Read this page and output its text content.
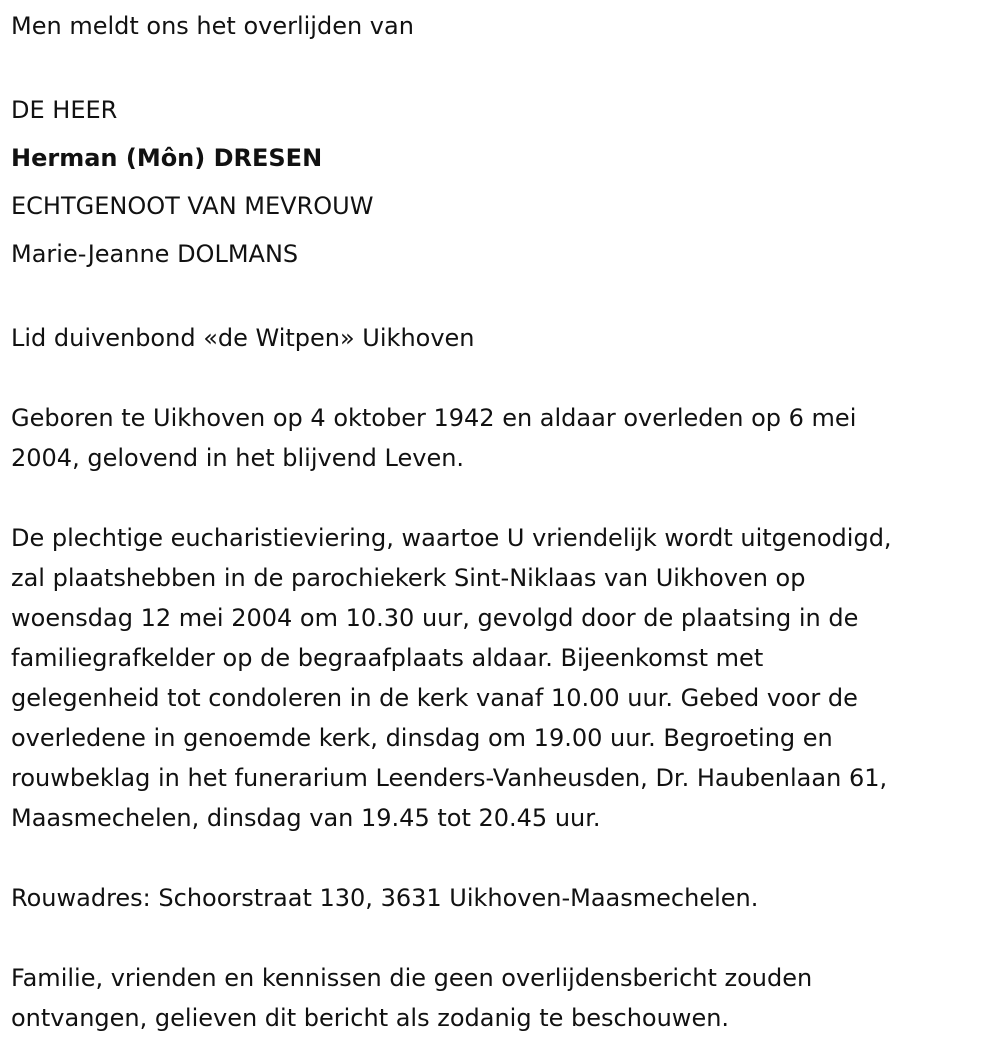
Men meldt ons het overlijden van

DE HEER

Herman (Môn) DRESEN

ECHTGENOOT VAN MEVROUW

Marie-Jeanne DOLMANS

Lid duivenbond «de Witpen» Uikhoven

Geboren te Uikhoven op 4 oktober 1942 en aldaar overleden op 6 mei

2004, gelovend in het blijvend Leven.

De plechtige eucharistieviering, waartoe U vriendelijk wordt uitgenodigd,

zal plaatshebben in de parochiekerk Sint-Niklaas van Uikhoven op

woensdag 12 mei 2004 om 10.30 uur, gevolgd door de plaatsing in de

familiegrafkelder op de begraafplaats aldaar. Bijeenkomst met

gelegenheid tot condoleren in de kerk vanaf 10.00 uur. Gebed voor de

overledene in genoemde kerk, dinsdag om 19.00 uur. Begroeting en

rouwbeklag in het funerarium Leenders-Vanheusden, Dr. Haubenlaan 61,

Maasmechelen, dinsdag van 19.45 tot 20.45 uur.

Rouwadres: Schoorstraat 130, 3631 Uikhoven-Maasmechelen.

Familie, vrienden en kennissen die geen overlijdensbericht zouden

ontvangen, gelieven dit bericht als zodanig te beschouwen.
